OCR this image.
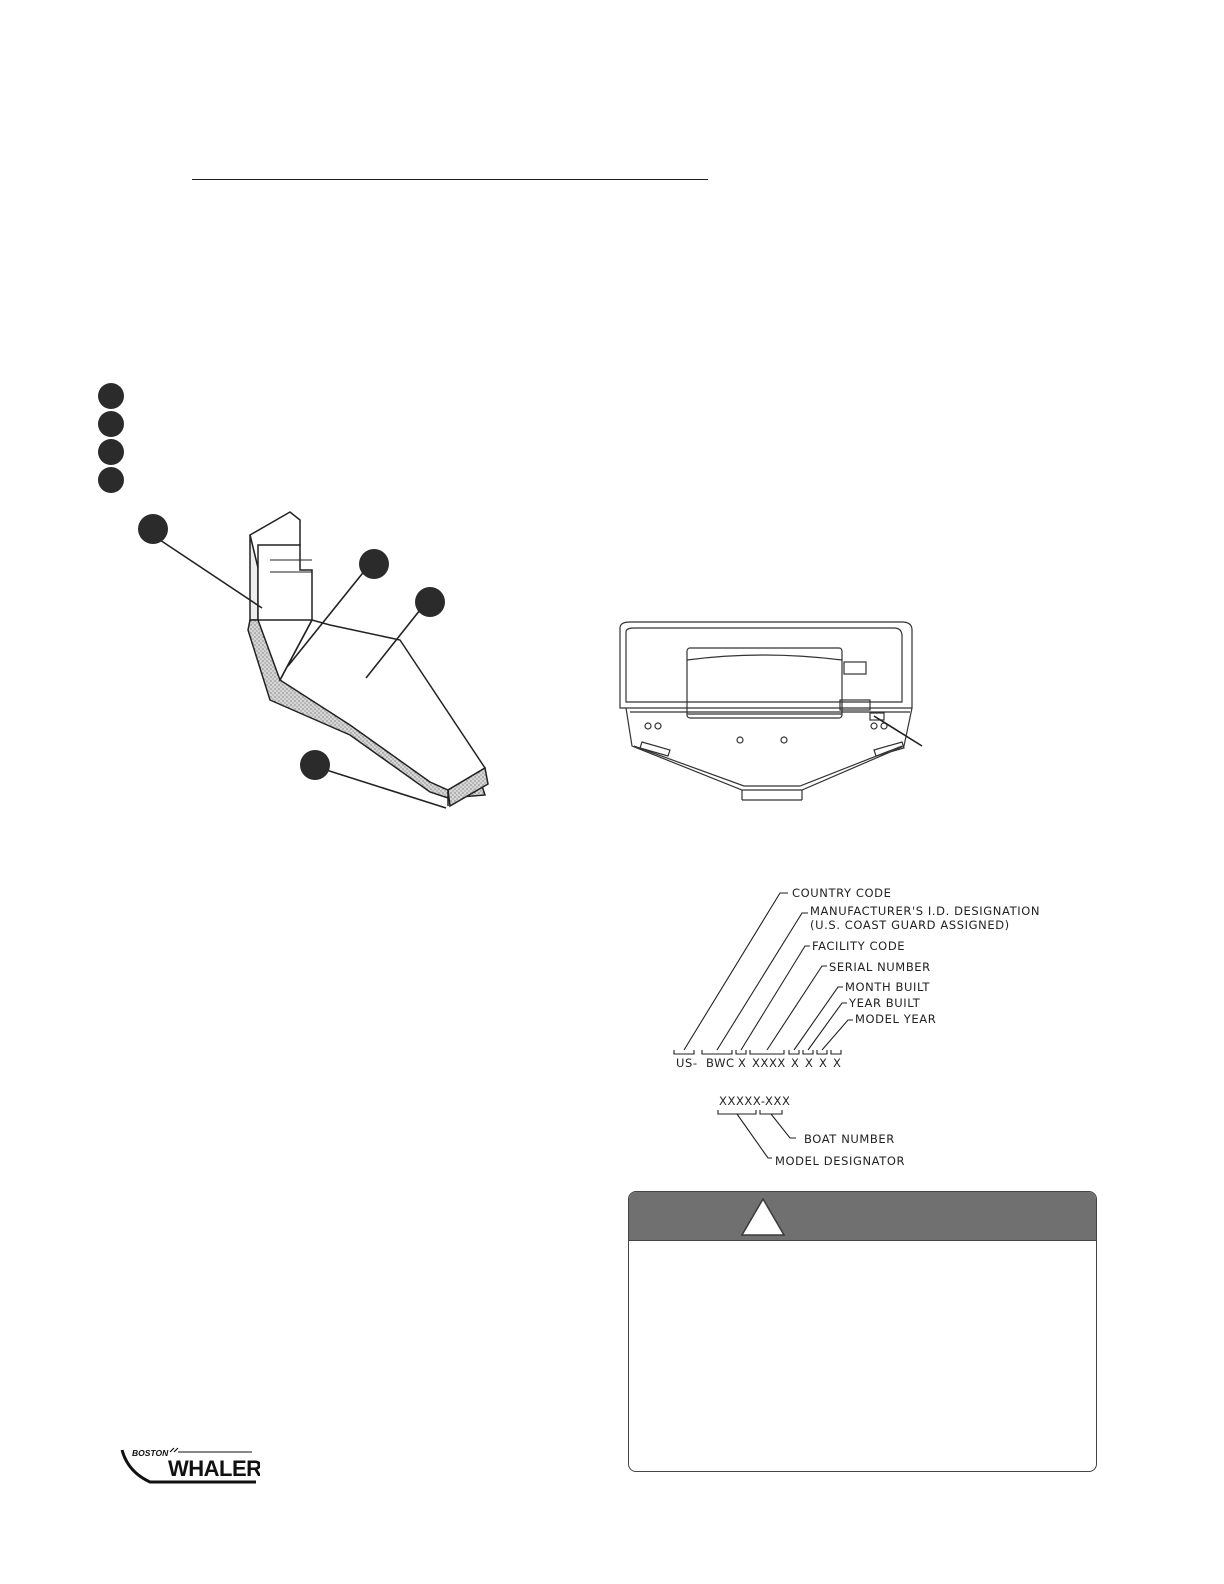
COUNTRY CODE
MANUFACTURER'S I.D. DESIGNATION
(U.S. COAST GUARD ASSIGNED)
FACILITY CODE
SERIAL NUMBER
MONTH BUILT
YEAR BUILT
MODEL YEAR
US- BWC X XXXX X X X X
XXXXX-XXX
BOAT NUMBER
MODEL DESIGNATOR
BOSTON
WHALER
